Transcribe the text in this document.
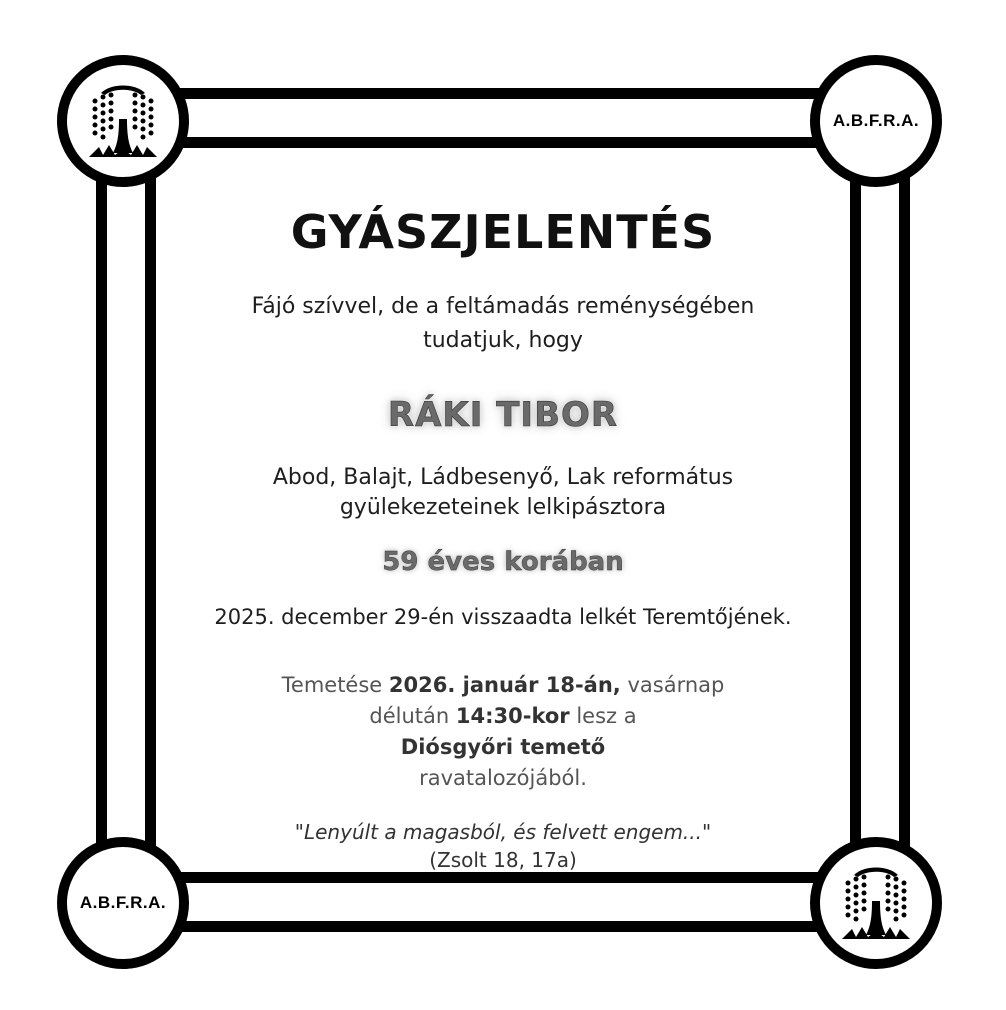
A.B.F.R.A.
A.B.F.R.A.
GYÁSZJELENTÉS

Fájó szívvel, de a feltámadás reménységében
tudatjuk, hogy

RÁKI TIBOR

Abod, Balajt, Ládbesenyő, Lak református
gyülekezeteinek lelkipásztora

59 éves korában

2025. december 29-én visszaadta lelkét Teremtőjének.

Temetése 2026. január 18-án, vasárnap
délután 14:30-kor lesz a
Diósgyőri temető
ravatalozójából.

"Lenyúlt a magasból, és felvett engem..."
(Zsolt 18, 17a)
